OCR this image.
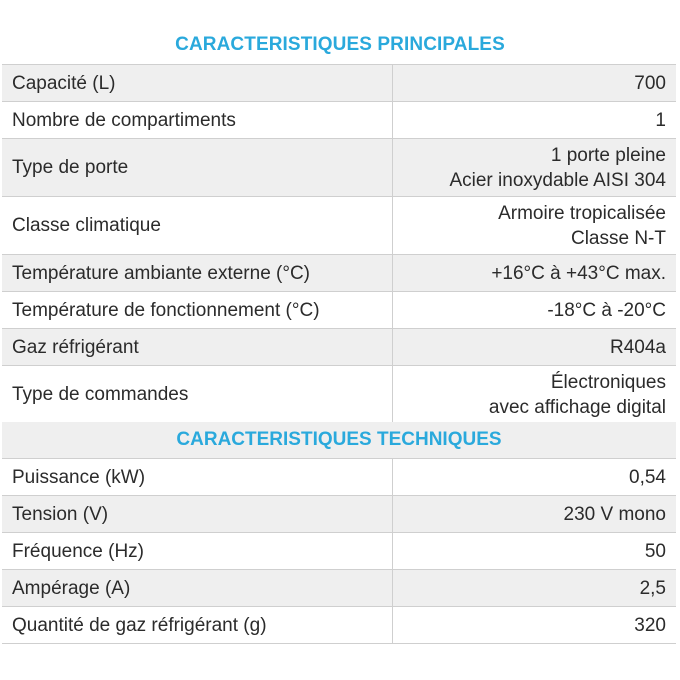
CARACTERISTIQUES PRINCIPALES
Capacité (L)	700
Nombre de compartiments	1
Type de porte	1 porte pleine
Acier inoxydable AISI 304

Classe climatique	Armoire tropicalisée
Classe N-T

Température ambiante externe (°C)	+16°C à +43°C max.
Température de fonctionnement (°C)	-18°C à -20°C
Gaz réfrigérant	R404a
Type de commandes	Électroniques
avec affichage digital
CARACTERISTIQUES TECHNIQUES
Puissance (kW)	0,54
Tension (V)	230 V mono
Fréquence (Hz)	50
Ampérage (A)	2,5
Quantité de gaz réfrigérant (g)	320
